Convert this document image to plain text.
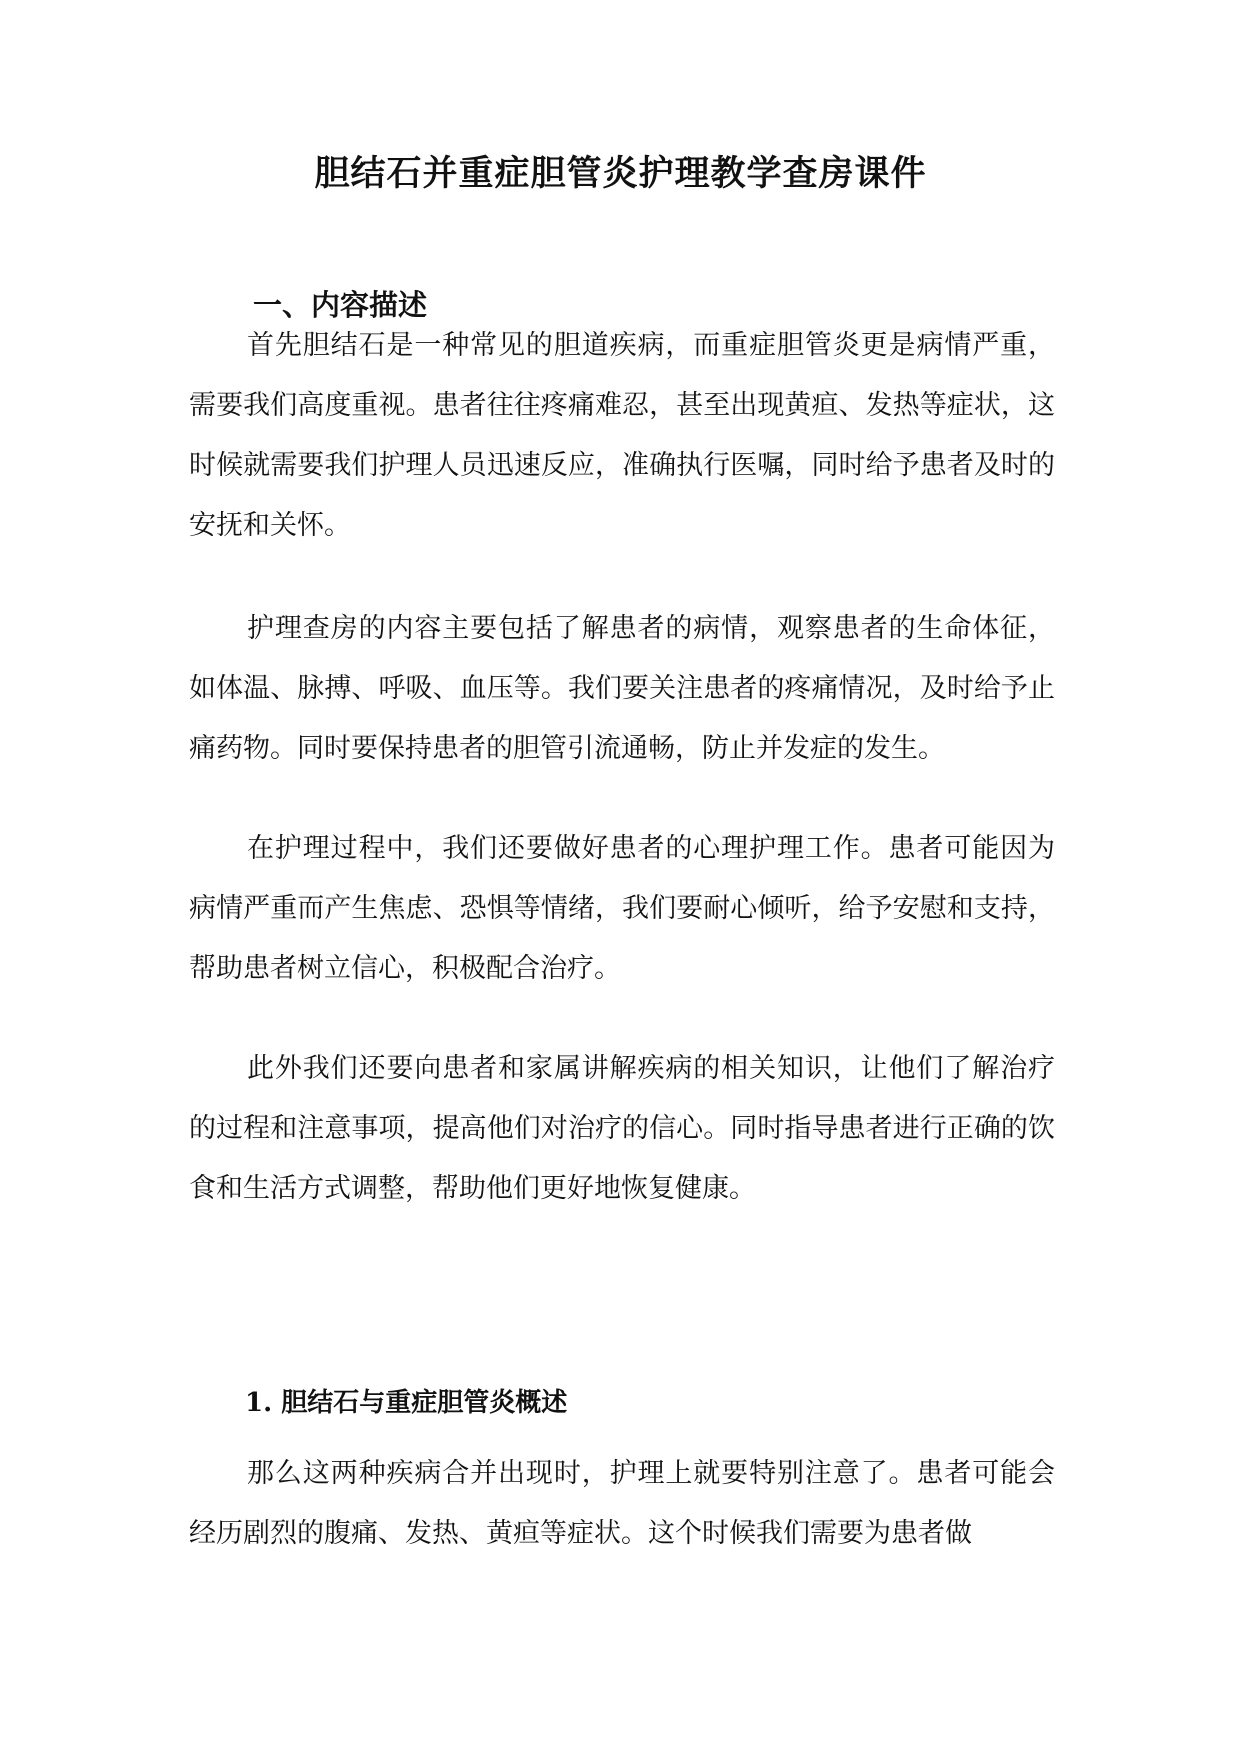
胆结石并重症胆管炎护理教学查房课件
一、内容描述

首先胆结石是一种常见的胆道疾病，而重症胆管炎更是病情严重，需要我们高度重视。患者往往疼痛难忍，甚至出现黄疸、发热等症状，这时候就需要我们护理人员迅速反应，准确执行医嘱，同时给予患者及时的安抚和关怀。

护理查房的内容主要包括了解患者的病情，观察患者的生命体征，如体温、脉搏、呼吸、血压等。我们要关注患者的疼痛情况，及时给予止痛药物。同时要保持患者的胆管引流通畅，防止并发症的发生。

在护理过程中，我们还要做好患者的心理护理工作。患者可能因为病情严重而产生焦虑、恐惧等情绪，我们要耐心倾听，给予安慰和支持，帮助患者树立信心，积极配合治疗。

此外我们还要向患者和家属讲解疾病的相关知识，让他们了解治疗的过程和注意事项，提高他们对治疗的信心。同时指导患者进行正确的饮食和生活方式调整，帮助他们更好地恢复健康。

1. 胆结石与重症胆管炎概述

那么这两种疾病合并出现时，护理上就要特别注意了。患者可能会经历剧烈的腹痛、发热、黄疸等症状。这个时候我们需要为患者做
